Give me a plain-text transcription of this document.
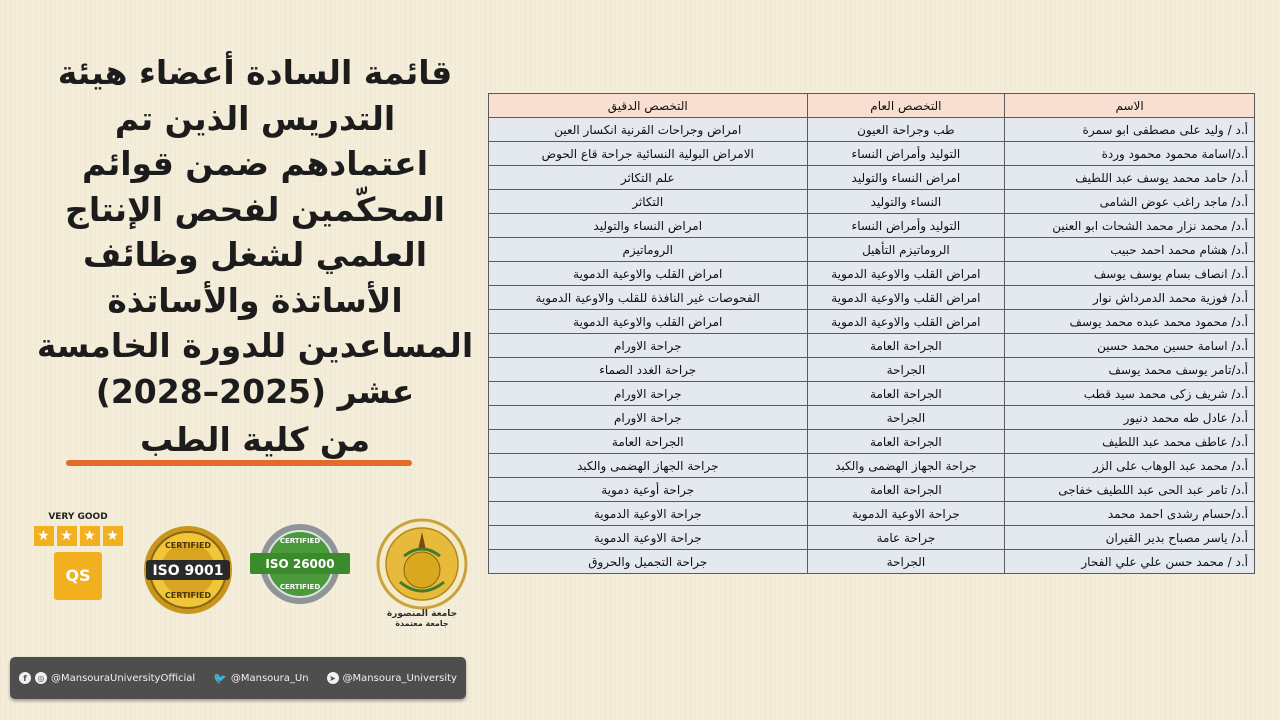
قائمة السادة أعضاء هيئة
التدريس الذين تم
اعتمادهم ضمن قوائم
المحكّمين لفحص الإنتاج
العلمي لشغل وظائف
الأساتذة والأساتذة
المساعدين للدورة الخامسة
عشر (2025–2028)
من كلية الطب
VERY GOOD
★ ★ ★ ★
QS
CERTIFIED
ISO 9001
CERTIFIED
CERTIFIED
ISO 26000
CERTIFIED
جامعة المنصورة
جامعة معتمدة
f	◎ @MansouraUniversityOfficial 🐦 @Mansoura_Un	➤ @Mansoura_University
الاسم	التخصص العام	التخصص الدقيق
أ.د / وليد على مصطفى ابو سمرة	طب وجراحة العيون	امراض وجراحات القرنية انكسار العين
أ.د/اسامة محمود محمود وردة	التوليد وأمراض النساء	الامراض البولية النسائية جراحة قاع الحوض
أ.د/ حامد محمد يوسف عبد اللطيف	امراض النساء والتوليد	علم التكاثر
أ.د/ ماجد راغب عوض الشامى	النساء والتوليد	التكاثر
أ.د/ محمد نزار محمد الشحات ابو العنين	التوليد وأمراض النساء	امراض النساء والتوليد
أ.د/ هشام محمد احمد حبيب	الروماتيزم التأهيل	الروماتيزم
أ.د/ انصاف بسام يوسف يوسف	امراض القلب والاوعية الدموية	امراض القلب والاوعية الدموية
أ.د/ فوزية محمد الدمرداش نوار	امراض القلب والاوعية الدموية	الفحوصات غير النافذة للقلب والاوعية الدموية
أ.د/ محمود محمد عبده محمد يوسف	امراض القلب والاوعية الدموية	امراض القلب والاوعية الدموية
أ.د/ اسامة حسين محمد حسين	الجراحة العامة	جراحة الاورام
أ.د/تامر يوسف محمد يوسف	الجراحة	جراحة الغدد الصماء
أ.د/ شريف زكى محمد سيد قطب	الجراحة العامة	جراحة الاورام
أ.د/ عادل طه محمد دنيور	الجراحة	جراحة الاورام
أ.د/ عاطف محمد عبد اللطيف	الجراحة العامة	الجراحة العامة
أ.د/ محمد عبد الوهاب على الزر	جراحة الجهاز الهضمى والكبد	جراحة الجهاز الهضمى والكبد
أ.د/ تامر عبد الحى عبد اللطيف خفاجى	الجراحة العامة	جراحة أوعية دموية
أ.د/حسام رشدى احمد محمد	جراحة الاوعية الدموية	جراحة الاوعية الدموية
أ.د/ ياسر مصباح بدير القيران	جراحة عامة	جراحة الاوعية الدموية
أ.د / محمد حسن علي علي الفحار	الجراحة	جراحة التجميل والحروق
